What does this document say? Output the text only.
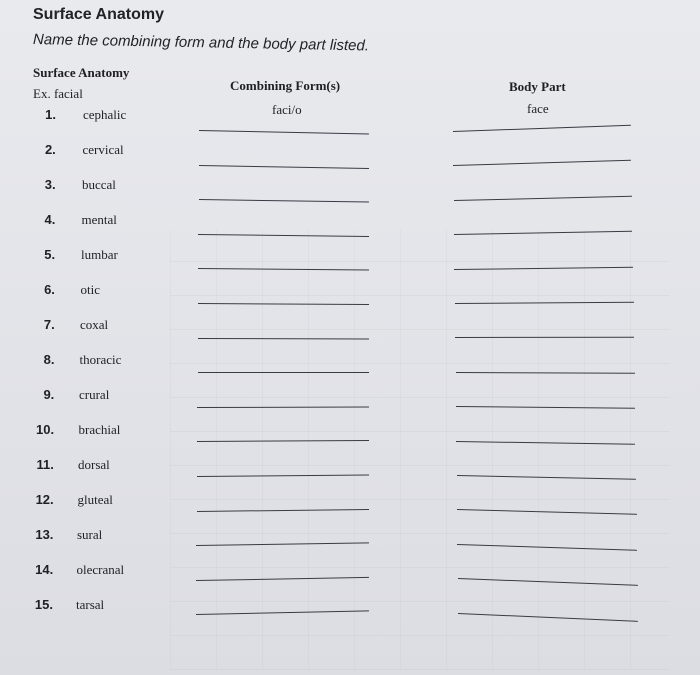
Surface Anatomy
Name the combining form and the body part listed.
Surface Anatomy
Combining Form(s)	Body Part
Ex. facial
faci/o	face
1. cephalic
2. cervical
3. buccal
4. mental
5. lumbar
6. otic
7. coxal
8. thoracic
9. crural
10. brachial
11. dorsal
12. gluteal
13. sural
14. olecranal
15. tarsal
